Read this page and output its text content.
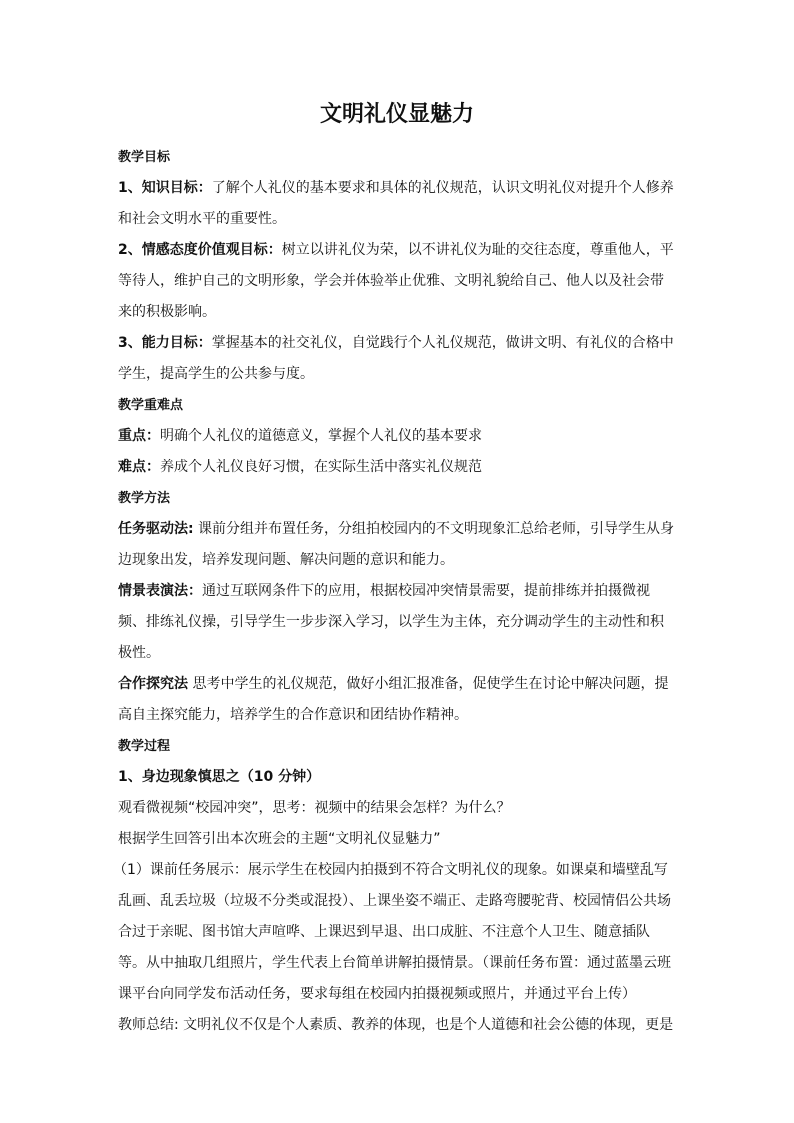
文明礼仪显魅力

教学目标

1、知识目标：了解个人礼仪的基本要求和具体的礼仪规范，认识文明礼仪对提升个人修养和社会文明水平的重要性。

2、情感态度价值观目标：树立以讲礼仪为荣，以不讲礼仪为耻的交往态度，尊重他人，平等待人，维护自己的文明形象，学会并体验举止优雅、文明礼貌给自己、他人以及社会带来的积极影响。

3、能力目标：掌握基本的社交礼仪，自觉践行个人礼仪规范，做讲文明、有礼仪的合格中学生，提高学生的公共参与度。

教学重难点

重点：明确个人礼仪的道德意义，掌握个人礼仪的基本要求

难点：养成个人礼仪良好习惯，在实际生活中落实礼仪规范

教学方法

任务驱动法: 课前分组并布置任务，分组拍校园内的不文明现象汇总给老师，引导学生从身边现象出发，培养发现问题、解决问题的意识和能力。

情景表演法：通过互联网条件下的应用，根据校园冲突情景需要，提前排练并拍摄微视频、排练礼仪操，引导学生一步步深入学习，以学生为主体，充分调动学生的主动性和积极性。

合作探究法 思考中学生的礼仪规范，做好小组汇报准备，促使学生在讨论中解决问题，提高自主探究能力，培养学生的合作意识和团结协作精神。

教学过程

1、身边现象慎思之（10 分钟）

观看微视频“校园冲突”，思考：视频中的结果会怎样？为什么？

根据学生回答引出本次班会的主题“文明礼仪显魅力”

（1）课前任务展示：展示学生在校园内拍摄到不符合文明礼仪的现象。如课桌和墙壁乱写乱画、乱丢垃圾（垃圾不分类或混投）、上课坐姿不端正、走路弯腰驼背、校园情侣公共场合过于亲昵、图书馆大声喧哗、上课迟到早退、出口成脏、不注意个人卫生、随意插队等。从中抽取几组照片，学生代表上台简单讲解拍摄情景。（课前任务布置：通过蓝墨云班课平台向同学发布活动任务，要求每组在校园内拍摄视频或照片，并通过平台上传）

教师总结: 文明礼仪不仅是个人素质、教养的体现，也是个人道德和社会公德的体现，更是
